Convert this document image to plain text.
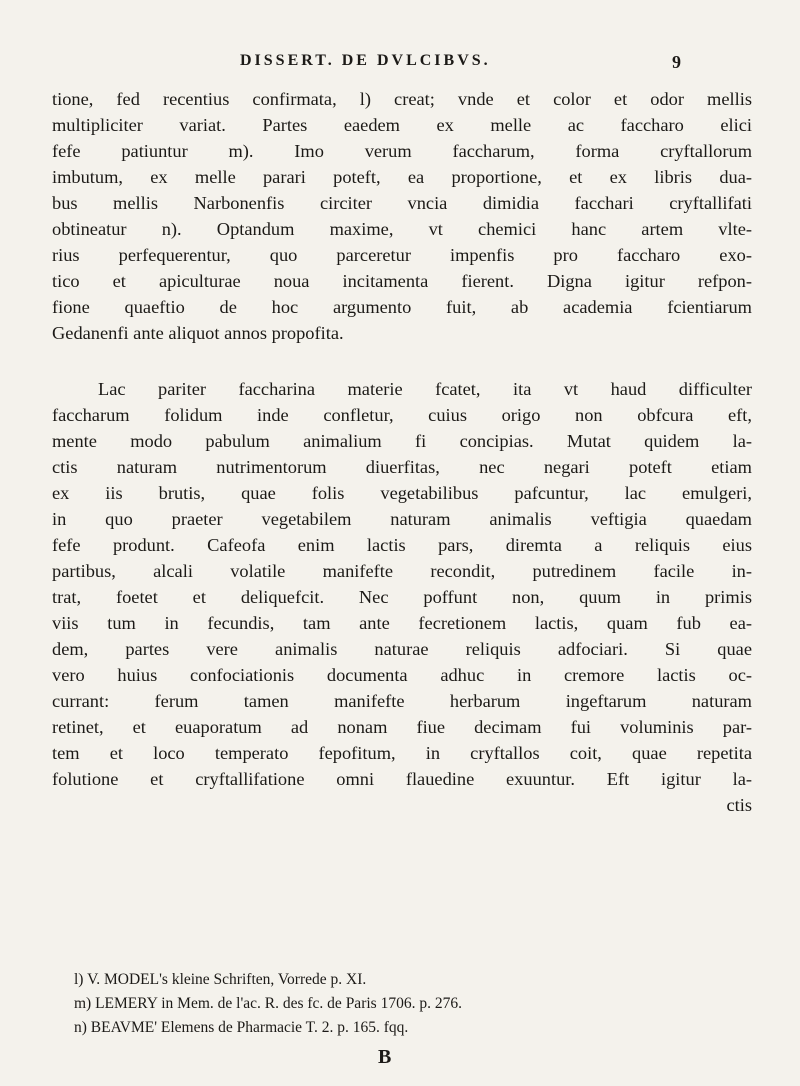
DISSERT. DE DVLCIBVS.	9
tione, fed recentius confirmata, l) creat; vnde et color et odor mellis
multipliciter variat. Partes eaedem ex melle ac faccharo elici
fefe patiuntur m). Imo verum faccharum, forma cryftallorum
imbutum, ex melle parari poteft, ea proportione, et ex libris dua-
bus mellis Narbonenfis circiter vncia dimidia facchari cryftallifati
obtineatur n). Optandum maxime, vt chemici hanc artem vlte-
rius perfequerentur, quo parceretur impenfis pro faccharo exo-
tico et apiculturae noua incitamenta fierent. Digna igitur refpon-
fione quaeftio de hoc argumento fuit, ab academia fcientiarum
Gedanenfi ante aliquot annos propofita.
Lac pariter faccharina materie fcatet, ita vt haud difficulter
faccharum folidum inde confletur, cuius origo non obfcura eft,
mente modo pabulum animalium fi concipias. Mutat quidem la-
ctis naturam nutrimentorum diuerfitas, nec negari poteft etiam
ex iis brutis, quae folis vegetabilibus pafcuntur, lac emulgeri,
in quo praeter vegetabilem naturam animalis veftigia quaedam
fefe produnt. Cafeofa enim lactis pars, diremta a reliquis eius
partibus, alcali volatile manifefte recondit, putredinem facile in-
trat, foetet et deliquefcit. Nec poffunt non, quum in primis
viis tum in fecundis, tam ante fecretionem lactis, quam fub ea-
dem, partes vere animalis naturae reliquis adfociari. Si quae
vero huius confociationis documenta adhuc in cremore lactis oc-
currant: ferum tamen manifefte herbarum ingeftarum naturam
retinet, et euaporatum ad nonam fiue decimam fui voluminis par-
tem et loco temperato fepofitum, in cryftallos coit, quae repetita
folutione et cryftallifatione omni flauedine exuuntur. Eft igitur la-
ctis
l) V. MODEL's kleine Schriften, Vorrede p. XI.
m) LEMERY in Mem. de l'ac. R. des fc. de Paris 1706. p. 276.
n) BEAVME' Elemens de Pharmacie T. 2. p. 165. fqq.
B
